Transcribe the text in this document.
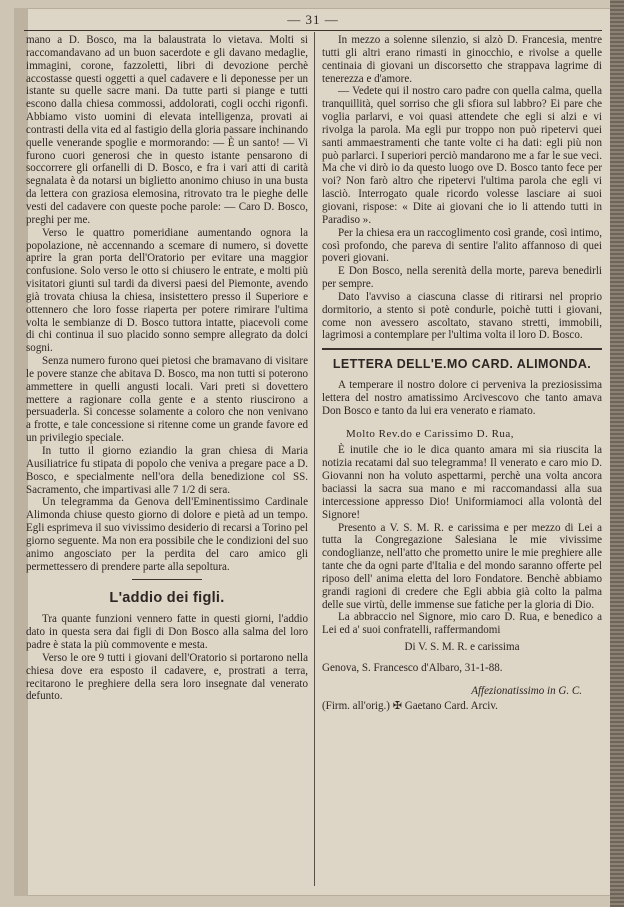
— 31 —

mano a D. Bosco, ma la balaustrata lo vietava. Molti si raccomandavano ad un buon sacerdote e gli davano medaglie, immagini, corone, fazzoletti, libri di devozione perchè accostasse questi oggetti a quel cadavere e li deponesse per un istante su quelle sacre mani. Da tutte parti si piange e tutti escono dalla chiesa commossi, addolorati, cogli occhi rigonfi. Abbiamo visto uomini di elevata intelligenza, provati ai contrasti della vita ed al fastigio della gloria passare inchinando quelle venerande spoglie e mormorando: — È un santo! — Vi furono cuori generosi che in questo istante pensarono di soccorrere gli orfanelli di D. Bosco, e fra i vari atti di carità segnalata è da notarsi un biglietto anonimo chiuso in una busta da lettera con graziosa elemosina, ritrovato tra le pieghe delle vesti del cadavere con queste poche parole: — Caro D. Bosco, preghi per me.

Verso le quattro pomeridiane aumentando ognora la popolazione, nè accennando a scemare di numero, si dovette aprire la gran porta dell'Oratorio per evitare una maggior confusione. Solo verso le otto si chiusero le entrate, e molti più visitatori giunti sul tardi da diversi paesi del Piemonte, avendo già trovata chiusa la chiesa, insistettero presso il Superiore e ottennero che loro fosse riaperta per potere rimirare l'ultima volta le sembianze di D. Bosco tuttora intatte, piacevoli come di chi continua il suo placido sonno sempre allegrato da dolci sogni.

Senza numero furono quei pietosi che bramavano di visitare le povere stanze che abitava D. Bosco, ma non tutti si poterono ammettere in quelli angusti locali. Vari preti si dovettero mettere a ragionare colla gente e a stento riuscirono a persuaderla. Si concesse solamente a coloro che non venivano a frotte, e tale concessione si ritenne come un grande favore ed un privilegio speciale.

In tutto il giorno eziandio la gran chiesa di Maria Ausiliatrice fu stipata di popolo che veniva a pregare pace a D. Bosco, e specialmente nell'ora della benedizione col SS. Sacramento, che impartivasi alle 7 1/2 di sera.

Un telegramma da Genova dell'Eminentissimo Cardinale Alimonda chiuse questo giorno di dolore e pietà ad un tempo. Egli esprimeva il suo vivissimo desiderio di recarsi a Torino pel giorno seguente. Ma non era possibile che le condizioni del suo animo angosciato per la perdita del caro amico gli permettessero di prendere parte alla sepoltura.

L'addio dei figli.

Tra quante funzioni vennero fatte in questi giorni, l'addio dato in questa sera dai figli di Don Bosco alla salma del loro padre è stata la più commovente e mesta.

Verso le ore 9 tutti i giovani dell'Oratorio si portarono nella chiesa dove era esposto il cadavere, e, prostrati a terra, recitarono le preghiere della sera loro insegnate dal venerato defunto.

In mezzo a solenne silenzio, si alzò D. Francesia, mentre tutti gli altri erano rimasti in ginocchio, e rivolse a quelle centinaia di giovani un discorsetto che strappava lagrime di tenerezza e d'amore.

— Vedete qui il nostro caro padre con quella calma, quella tranquillità, quel sorriso che gli sfiora sul labbro? Ei pare che voglia parlarvi, e voi quasi attendete che egli si alzi e vi rivolga la parola. Ma egli pur troppo non può ripetervi quei santi ammaestramenti che tante volte ci ha dati: egli più non può parlarci. I superiori perciò mandarono me a far le sue veci. Ma che vi dirò io da questo luogo ove D. Bosco tanto fece per voi? Non farò altro che ripetervi l'ultima parola che egli vi lasciò. Interrogato quale ricordo volesse lasciare ai suoi giovani, rispose: « Dite ai giovani che io li attendo tutti in Paradiso ».

Per la chiesa era un raccoglimento così grande, così intimo, così profondo, che pareva di sentire l'alito affannoso di quei poveri giovani.

E Don Bosco, nella serenità della morte, pareva benedirli per sempre.

Dato l'avviso a ciascuna classe di ritirarsi nel proprio dormitorio, a stento si potè condurle, poichè tutti i giovani, come non avessero ascoltato, stavano stretti, immobili, lagrimosi a contemplare per l'ultima volta il loro D. Bosco.

LETTERA DELL'E.MO CARD. ALIMONDA.

A temperare il nostro dolore ci perveniva la preziosissima lettera del nostro amatissimo Arcivescovo che tanto amava Don Bosco e tanto da lui era venerato e riamato.

Molto Rev.do e Carissimo D. Rua,

È inutile che io le dica quanto amara mi sia riuscita la notizia recatami dal suo telegramma! Il venerato e caro mio D. Giovanni non ha voluto aspettarmi, perchè una volta ancora baciassi la sacra sua mano e mi raccomandassi alla sua intercessione appresso Dio! Uniformiamoci alla volontà del Signore!

Presento a V. S. M. R. e carissima e per mezzo di Lei a tutta la Congregazione Salesiana le mie vivissime condoglianze, nell'atto che prometto unire le mie preghiere alle tante che da ogni parte d'Italia e del mondo saranno offerte pel riposo dell' anima eletta del loro Fondatore. Benchè abbiamo grandi ragioni di credere che Egli abbia già colto la palma delle sue virtù, delle immense sue fatiche per la gloria di Dio.

La abbraccio nel Signore, mio caro D. Rua, e benedico a Lei ed a' suoi confratelli, raffermandomi

Di V. S. M. R. e carissima

Genova, S. Francesco d'Albaro, 31-1-88.

Affezionatissimo in G. C.

(Firm. all'orig.) ✠ Gaetano Card. Arciv.
